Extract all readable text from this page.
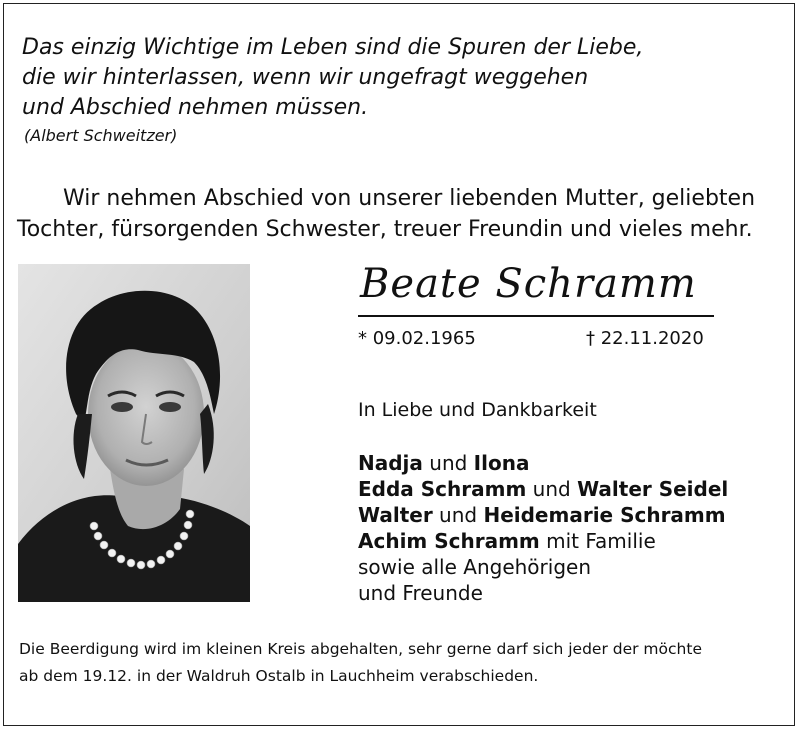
Das einzig Wichtige im Leben sind die Spuren der Liebe,
die wir hinterlassen, wenn wir ungefragt weggehen
und Abschied nehmen müssen.
(Albert Schweitzer)
Wir nehmen Abschied von unserer liebenden Mutter, geliebten
Tochter, fürsorgenden Schwester, treuer Freundin und vieles mehr.
Beate Schramm
* 09.02.1965	† 22.11.2020
In Liebe und Dankbarkeit
Nadja und Ilona
Edda Schramm und Walter Seidel
Walter und Heidemarie Schramm
Achim Schramm mit Familie
sowie alle Angehörigen
und Freunde
Die Beerdigung wird im kleinen Kreis abgehalten, sehr gerne darf sich jeder der möchte
ab dem 19.12. in der Waldruh Ostalb in Lauchheim verabschieden.
